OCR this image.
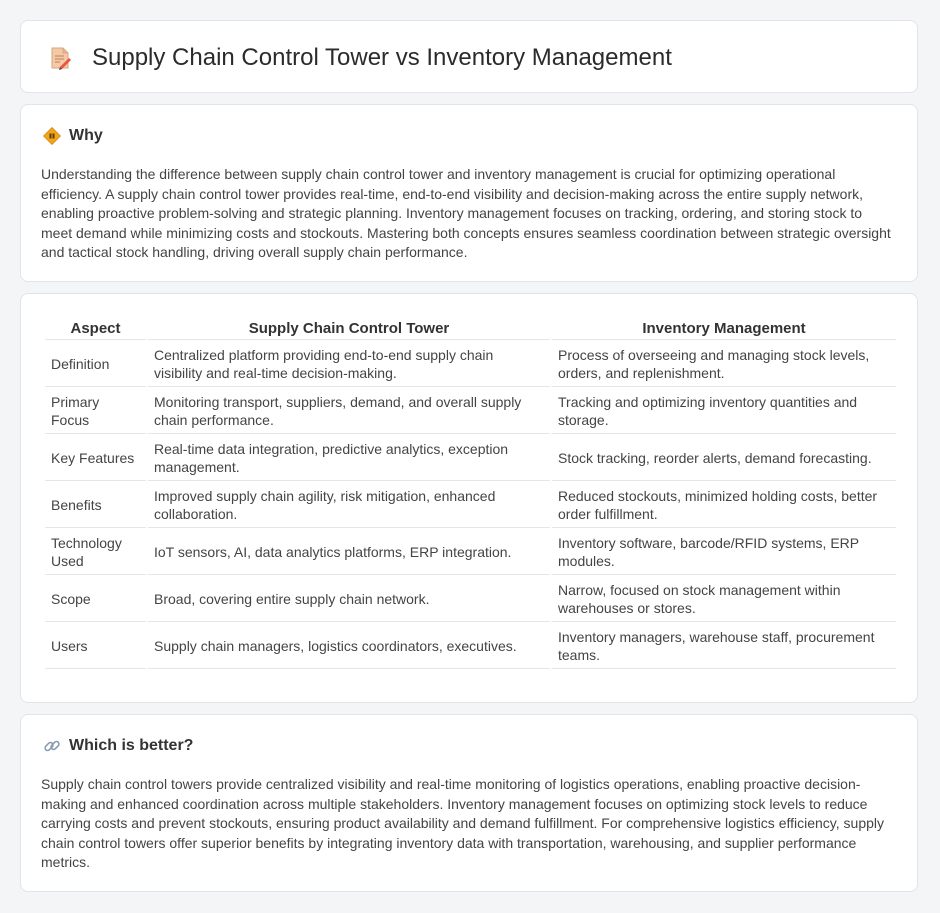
Supply Chain Control Tower vs Inventory Management
Why

Understanding the difference between supply chain control tower and inventory management is crucial for optimizing operational efficiency. A supply chain control tower provides real-time, end-to-end visibility and decision-making across the entire supply network, enabling proactive problem-solving and strategic planning. Inventory management focuses on tracking, ordering, and storing stock to meet demand while minimizing costs and stockouts. Mastering both concepts ensures seamless coordination between strategic oversight and tactical stock handling, driving overall supply chain performance.

Aspect	Supply Chain Control Tower	Inventory Management
Definition	Centralized platform providing end-to-end supply chain visibility and real-time decision-making.	Process of overseeing and managing stock levels, orders, and replenishment.
Primary Focus	Monitoring transport, suppliers, demand, and overall supply chain performance.	Tracking and optimizing inventory quantities and storage.
Key Features	Real-time data integration, predictive analytics, exception management.	Stock tracking, reorder alerts, demand forecasting.
Benefits	Improved supply chain agility, risk mitigation, enhanced collaboration.	Reduced stockouts, minimized holding costs, better order fulfillment.
Technology Used	IoT sensors, AI, data analytics platforms, ERP integration.	Inventory software, barcode/RFID systems, ERP modules.
Scope	Broad, covering entire supply chain network.	Narrow, focused on stock management within warehouses or stores.
Users	Supply chain managers, logistics coordinators, executives.	Inventory managers, warehouse staff, procurement teams.
Which is better?

Supply chain control towers provide centralized visibility and real-time monitoring of logistics operations, enabling proactive decision-making and enhanced coordination across multiple stakeholders. Inventory management focuses on optimizing stock levels to reduce carrying costs and prevent stockouts, ensuring product availability and demand fulfillment. For comprehensive logistics efficiency, supply chain control towers offer superior benefits by integrating inventory data with transportation, warehousing, and supplier performance metrics.
